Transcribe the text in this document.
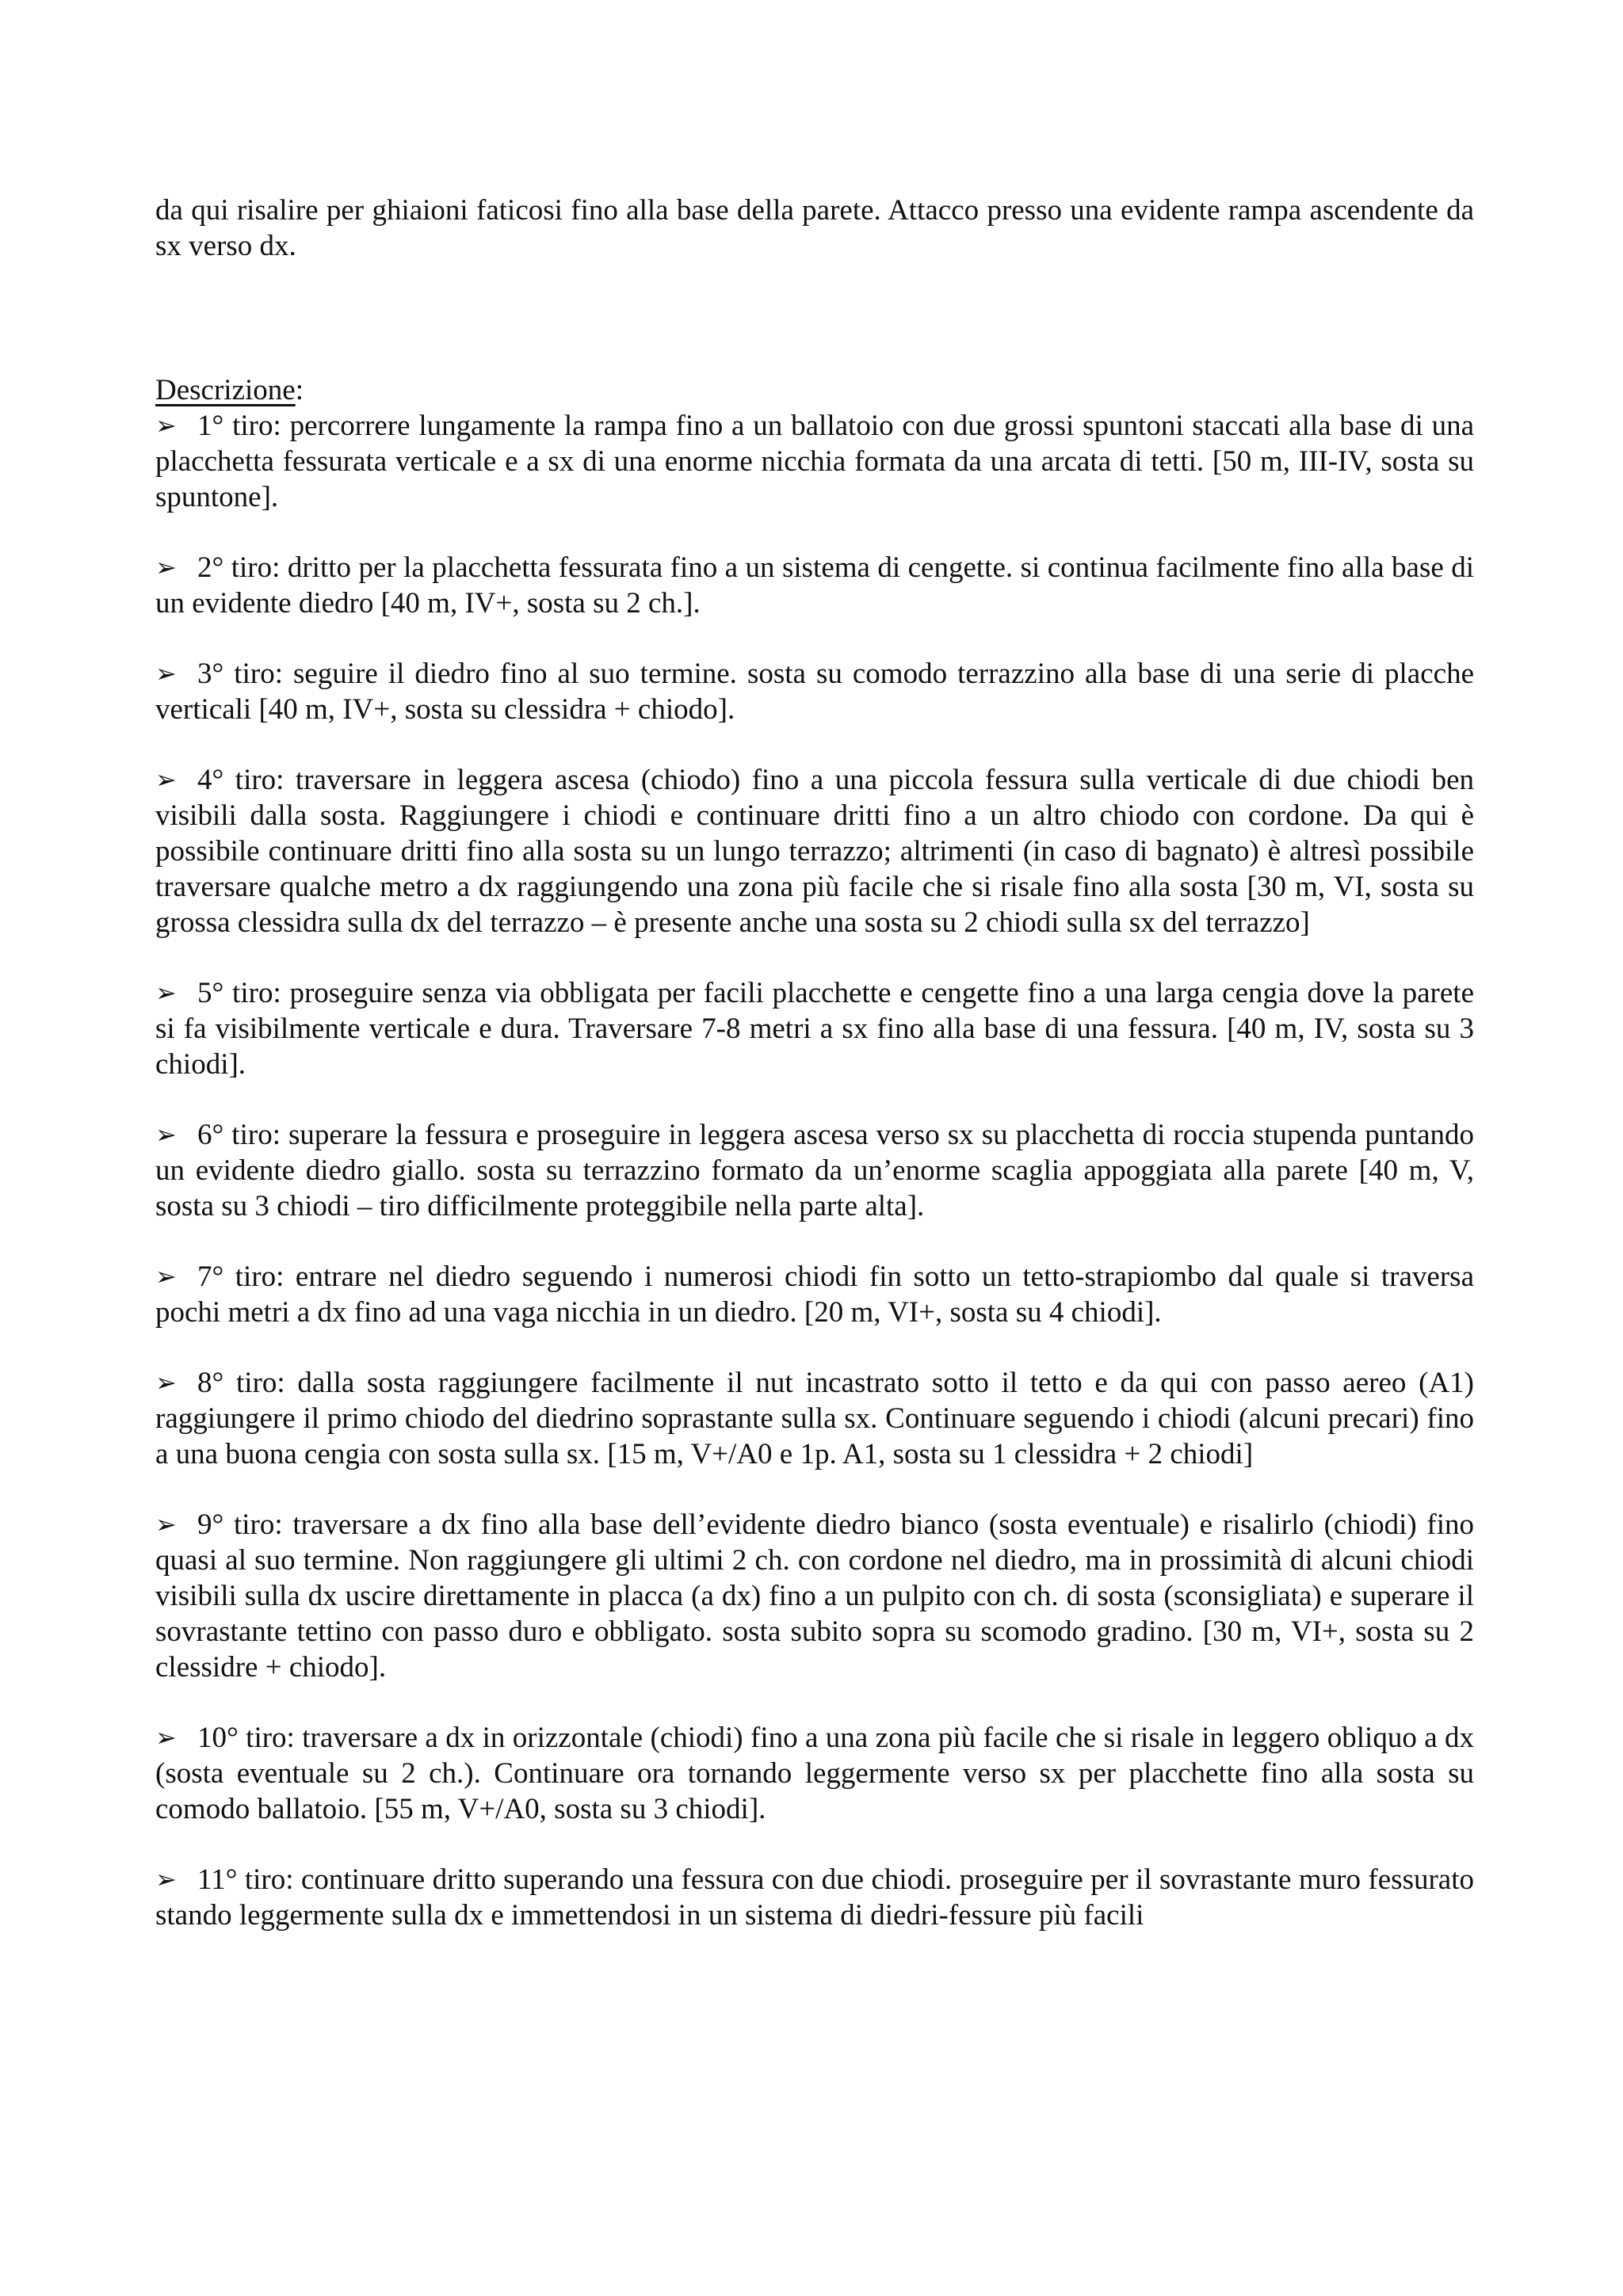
da qui risalire per ghiaioni faticosi fino alla base della parete. Attacco presso una evidente rampa ascendente da sx verso dx.

Descrizione:

➢ 1° tiro: percorrere lungamente la rampa fino a un ballatoio con due grossi spuntoni staccati alla base di una placchetta fessurata verticale e a sx di una enorme nicchia formata da una arcata di tetti. [50 m, III-IV, sosta su spuntone].

➢ 2° tiro: dritto per la placchetta fessurata fino a un sistema di cengette. si continua facilmente fino alla base di un evidente diedro [40 m, IV+, sosta su 2 ch.].

➢ 3° tiro: seguire il diedro fino al suo termine. sosta su comodo terrazzino alla base di una serie di placche verticali [40 m, IV+, sosta su clessidra + chiodo].

➢ 4° tiro: traversare in leggera ascesa (chiodo) fino a una piccola fessura sulla verticale di due chiodi ben visibili dalla sosta. Raggiungere i chiodi e continuare dritti fino a un altro chiodo con cordone. Da qui è possibile continuare dritti fino alla sosta su un lungo terrazzo; altrimenti (in caso di bagnato) è altresì possibile traversare qualche metro a dx raggiungendo una zona più facile che si risale fino alla sosta [30 m, VI, sosta su grossa clessidra sulla dx del terrazzo – è presente anche una sosta su 2 chiodi sulla sx del terrazzo]

➢ 5° tiro: proseguire senza via obbligata per facili placchette e cengette fino a una larga cengia dove la parete si fa visibilmente verticale e dura. Traversare 7-8 metri a sx fino alla base di una fessura. [40 m, IV, sosta su 3 chiodi].

➢ 6° tiro: superare la fessura e proseguire in leggera ascesa verso sx su placchetta di roccia stupenda puntando un evidente diedro giallo. sosta su terrazzino formato da un’enorme scaglia appoggiata alla parete [40 m, V, sosta su 3 chiodi – tiro difficilmente proteggibile nella parte alta].

➢ 7° tiro: entrare nel diedro seguendo i numerosi chiodi fin sotto un tetto-strapiombo dal quale si traversa pochi metri a dx fino ad una vaga nicchia in un diedro. [20 m, VI+, sosta su 4 chiodi].

➢ 8° tiro: dalla sosta raggiungere facilmente il nut incastrato sotto il tetto e da qui con passo aereo (A1) raggiungere il primo chiodo del diedrino soprastante sulla sx. Continuare seguendo i chiodi (alcuni precari) fino a una buona cengia con sosta sulla sx. [15 m, V+/A0 e 1p. A1, sosta su 1 clessidra + 2 chiodi]

➢ 9° tiro: traversare a dx fino alla base dell’evidente diedro bianco (sosta eventuale) e risalirlo (chiodi) fino quasi al suo termine. Non raggiungere gli ultimi 2 ch. con cordone nel diedro, ma in prossimità di alcuni chiodi visibili sulla dx uscire direttamente in placca (a dx) fino a un pulpito con ch. di sosta (sconsigliata) e superare il sovrastante tettino con passo duro e obbligato. sosta subito sopra su scomodo gradino. [30 m, VI+, sosta su 2 clessidre + chiodo].

➢ 10° tiro: traversare a dx in orizzontale (chiodi) fino a una zona più facile che si risale in leggero obliquo a dx (sosta eventuale su 2 ch.). Continuare ora tornando leggermente verso sx per placchette fino alla sosta su comodo ballatoio. [55 m, V+/A0, sosta su 3 chiodi].

➢ 11° tiro: continuare dritto superando una fessura con due chiodi. proseguire per il sovrastante muro fessurato stando leggermente sulla dx e immettendosi in un sistema di diedri-fessure più facili
